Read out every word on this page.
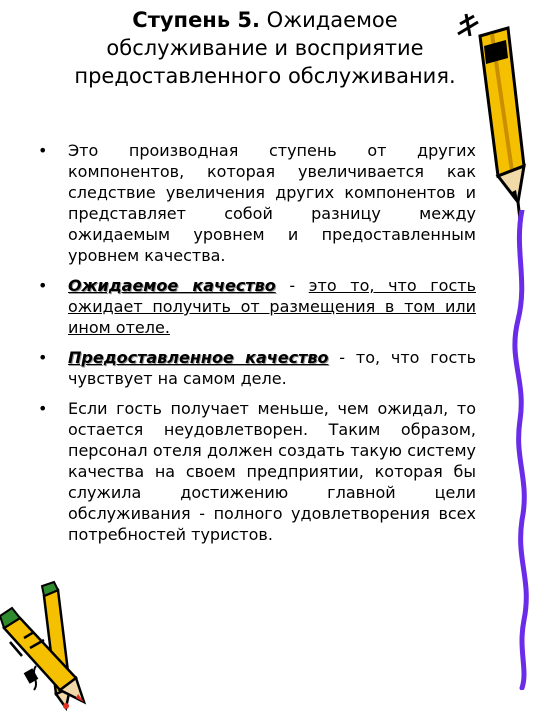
Ступень 5. Ожидаемое обслуживание и восприятие предоставленного обслуживания.
• Это производная ступень от других компонентов, которая увеличивается как следствие увеличения других компонентов и представляет собой разницу между ожидаемым уровнем и предоставленным уровнем качества.
• Ожидаемое качество - это то, что гость ожидает получить от размещения в том или ином отеле.
• Предоставленное качество - то, что гость чувствует на самом деле.
• Если гость получает меньше, чем ожидал, то остается неудовлетворен. Таким образом, персонал отеля должен создать такую систему качества на своем предприятии, которая бы служила достижению главной цели обслуживания - полного удовлетворения всех потребностей туристов.
